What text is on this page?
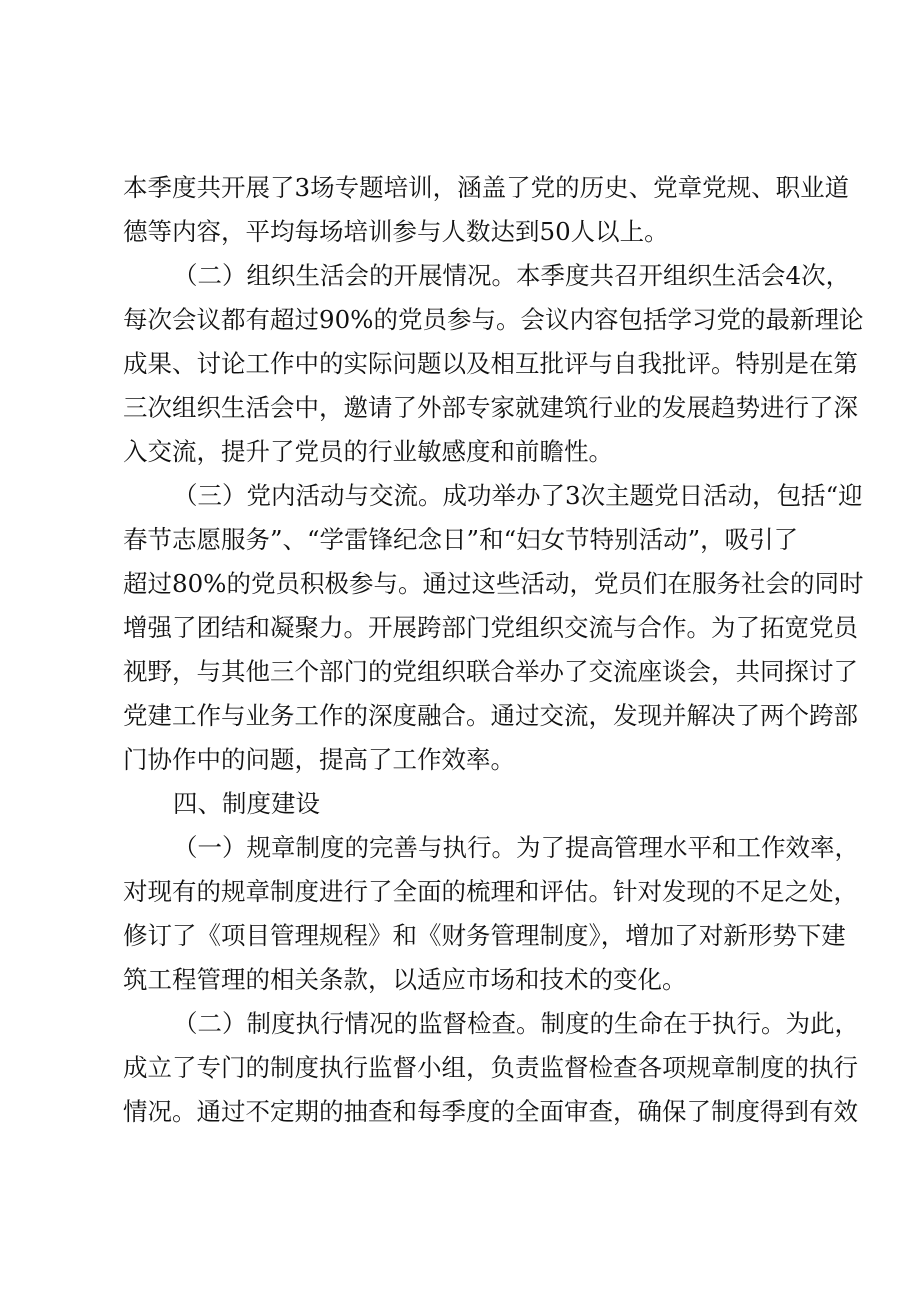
本季度共开展了3场专题培训，涵盖了党的历史、党章党规、职业道
德等内容，平均每场培训参与人数达到50人以上。
（二）组织生活会的开展情况。本季度共召开组织生活会4次，
每次会议都有超过90%的党员参与。会议内容包括学习党的最新理论
成果、讨论工作中的实际问题以及相互批评与自我批评。特别是在第
三次组织生活会中，邀请了外部专家就建筑行业的发展趋势进行了深
入交流，提升了党员的行业敏感度和前瞻性。
（三）党内活动与交流。成功举办了3次主题党日活动，包括“迎
春节志愿服务”、“学雷锋纪念日”和“妇女节特别活动”，吸引了
超过80%的党员积极参与。通过这些活动，党员们在服务社会的同时
增强了团结和凝聚力。开展跨部门党组织交流与合作。为了拓宽党员
视野，与其他三个部门的党组织联合举办了交流座谈会，共同探讨了
党建工作与业务工作的深度融合。通过交流，发现并解决了两个跨部
门协作中的问题，提高了工作效率。
四、制度建设
（一）规章制度的完善与执行。为了提高管理水平和工作效率，
对现有的规章制度进行了全面的梳理和评估。针对发现的不足之处，
修订了《项目管理规程》和《财务管理制度》，增加了对新形势下建
筑工程管理的相关条款，以适应市场和技术的变化。
（二）制度执行情况的监督检查。制度的生命在于执行。为此，
成立了专门的制度执行监督小组，负责监督检查各项规章制度的执行
情况。通过不定期的抽查和每季度的全面审查，确保了制度得到有效
